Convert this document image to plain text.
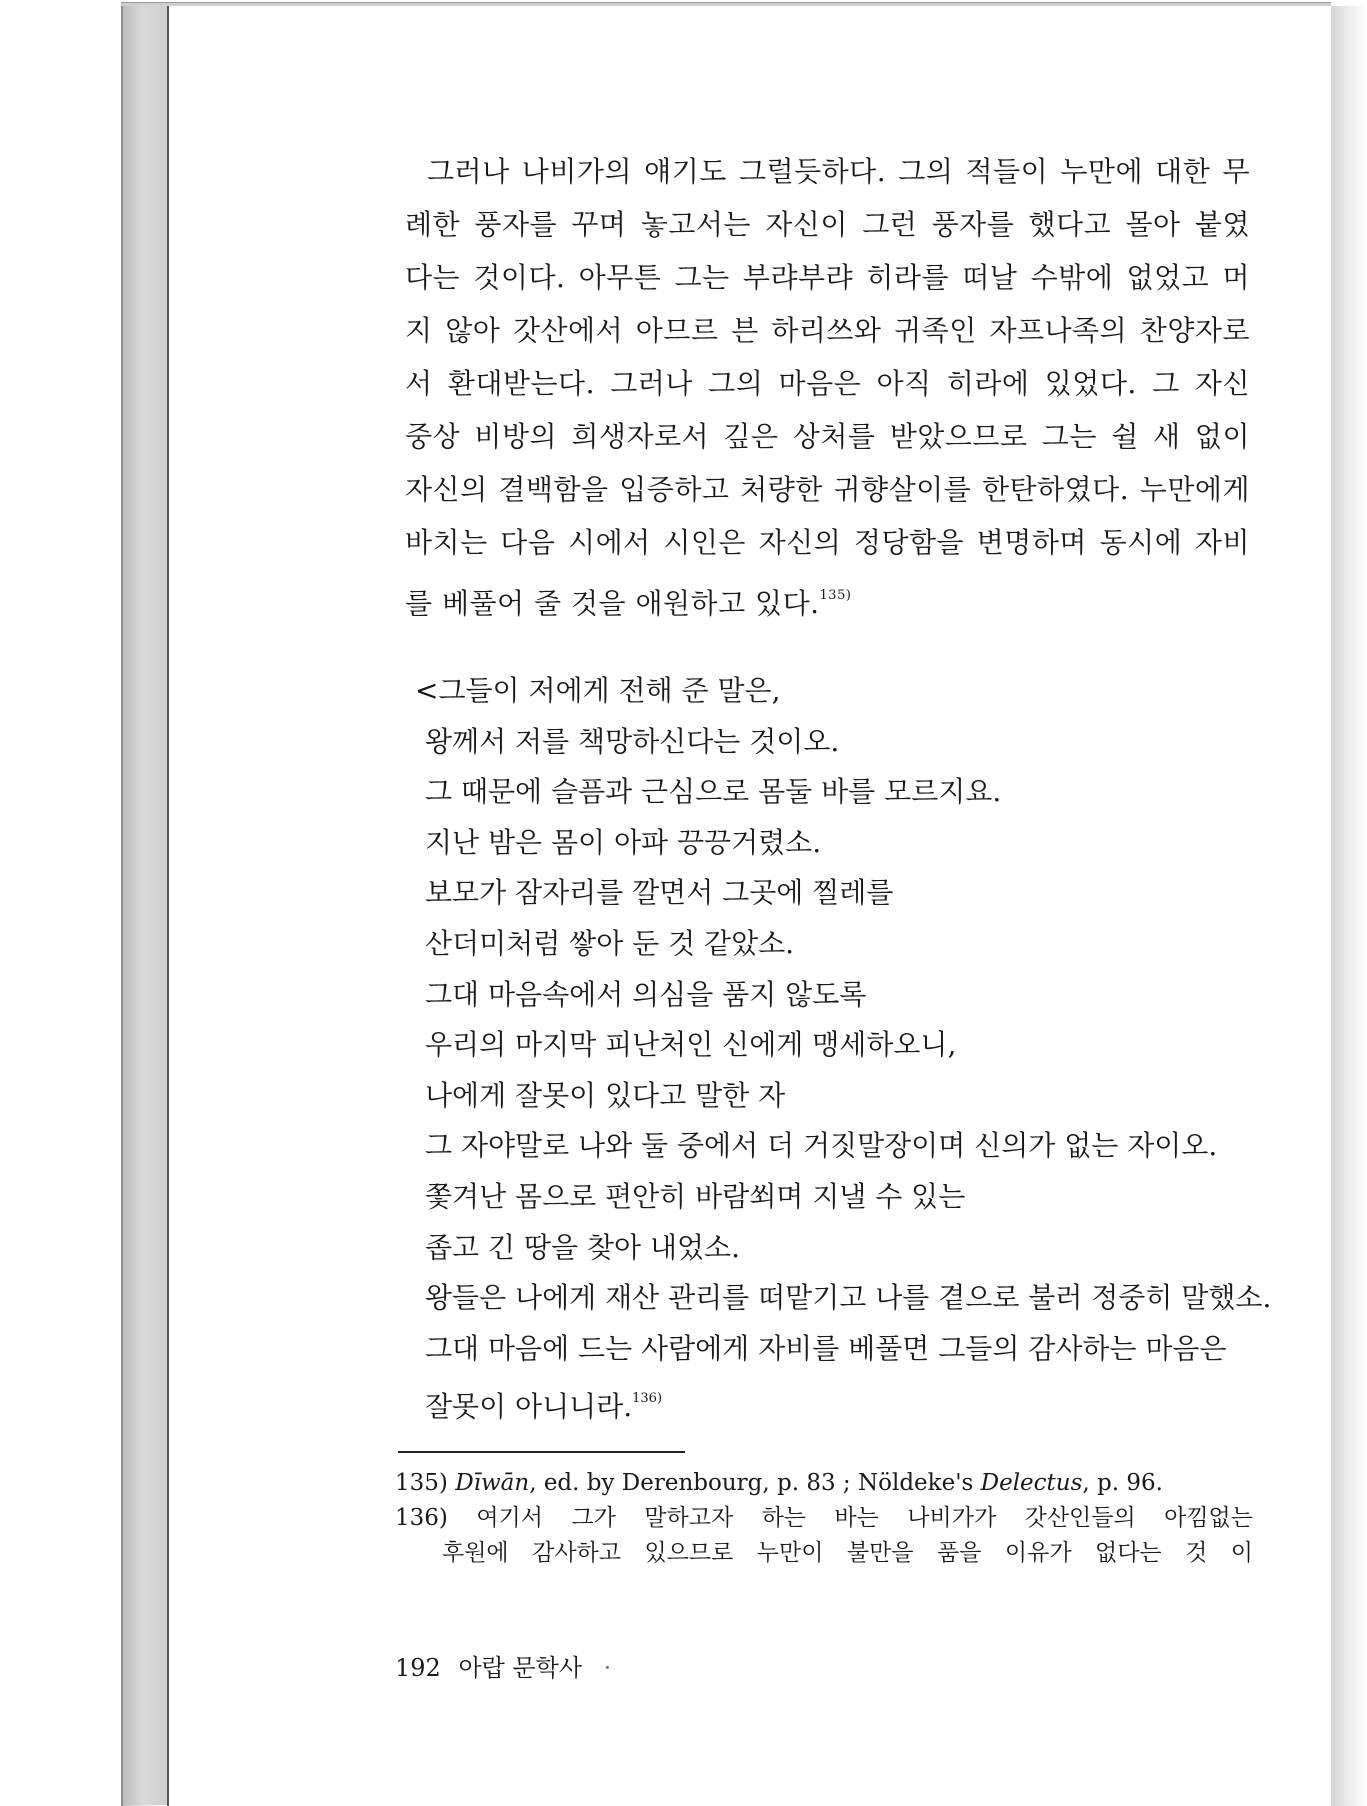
그러나 나비가의 얘기도 그럴듯하다. 그의 적들이 누만에 대한 무
례한 풍자를 꾸며 놓고서는 자신이 그런 풍자를 했다고 몰아 붙였
다는 것이다. 아무튼 그는 부랴부랴 히라를 떠날 수밖에 없었고 머
지 않아 갓산에서 아므르 븐 하리쓰와 귀족인 자프나족의 찬양자로
서 환대받는다. 그러나 그의 마음은 아직 히라에 있었다. 그 자신
중상 비방의 희생자로서 깊은 상처를 받았으므로 그는 쉴 새 없이
자신의 결백함을 입증하고 처량한 귀향살이를 한탄하였다. 누만에게
바치는 다음 시에서 시인은 자신의 정당함을 변명하며 동시에 자비
를 베풀어 줄 것을 애원하고 있다.$^{135)}$
<그들이 저에게 전해 준 말은,
왕께서 저를 책망하신다는 것이오.
그 때문에 슬픔과 근심으로 몸둘 바를 모르지요.
지난 밤은 몸이 아파 끙끙거렸소.
보모가 잠자리를 깔면서 그곳에 찔레를
산더미처럼 쌓아 둔 것 같았소.
그대 마음속에서 의심을 품지 않도록
우리의 마지막 피난처인 신에게 맹세하오니,
나에게 잘못이 있다고 말한 자
그 자야말로 나와 둘 중에서 더 거짓말장이며 신의가 없는 자이오.
쫓겨난 몸으로 편안히 바람쐬며 지낼 수 있는
좁고 긴 땅을 찾아 내었소.
왕들은 나에게 재산 관리를 떠맡기고 나를 곁으로 불러 정중히 말했소.
그대 마음에 드는 사람에게 자비를 베풀면 그들의 감사하는 마음은
잘못이 아니니라.$^{136)}$
135) Dīwān, ed. by Derenbourg, p. 83 ; Nöldeke's Delectus, p. 96.
136) 여기서 그가 말하고자 하는 바는 나비가가 갓산인들의 아낌없는
후원에 감사하고 있으므로 누만이 불만을 품을 이유가 없다는 것 이
192 아랍 문학사 ·
